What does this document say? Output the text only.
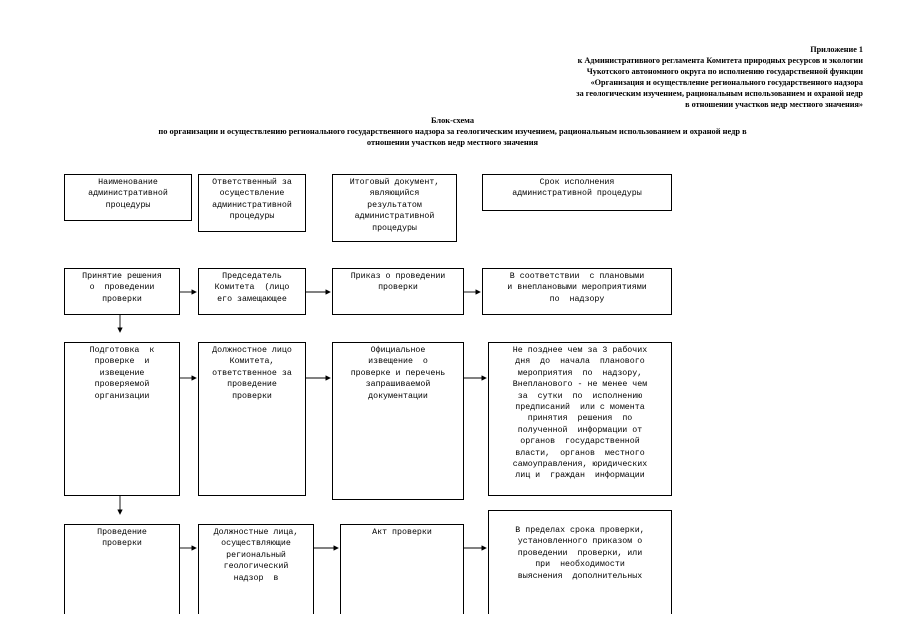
Приложение 1
к Административного регламента Комитета природных ресурсов и экологии
Чукотского автономного округа по исполнению государственной функции
«Организация и осуществление регионального государственного надзора
за геологическим изучением, рациональным использованием и охраной недр
в отношении участков недр местного значения»
Блок-схема
по организации и осуществлению регионального государственного надзора за геологическим изучением, рациональным использованием и охраной недр в
отношении участков недр местного значения
Наименование
административной
процедуры
Ответственный за
осуществление
административной
процедуры
Итоговый документ,
являющийся
результатом
административной
процедуры
Срок исполнения
административной процедуры
Принятие решения
о  проведении
проверки
Председатель
Комитета  (лицо
его замещающее
Приказ о проведении
проверки
В соответствии  с плановыми
и внеплановыми мероприятиями
по  надзору
Подготовка  к
проверке  и
извещение
проверяемой
организации
Должностное лицо
Комитета,
ответственное за
проведение
проверки
Официальное
извещение  о
проверке и перечень
запрашиваемой
документации
Не позднее чем за 3 рабочих
дня  до  начала  планового
мероприятия  по  надзору,
Внепланового - не менее чем
за  сутки  по  исполнению
предписаний  или с момента
принятия  решения  по
полученной  информации от
органов  государственной
власти,  органов  местного
самоуправления, юридических
лиц и  граждан  информации
Проведение
проверки
Должностные лица,
осуществляющие
региональный
геологический
надзор  в
Акт проверки	В пределах срока проверки,
установленного приказом о
проведении  проверки, или
при  необходимости
выяснения  дополнительных
